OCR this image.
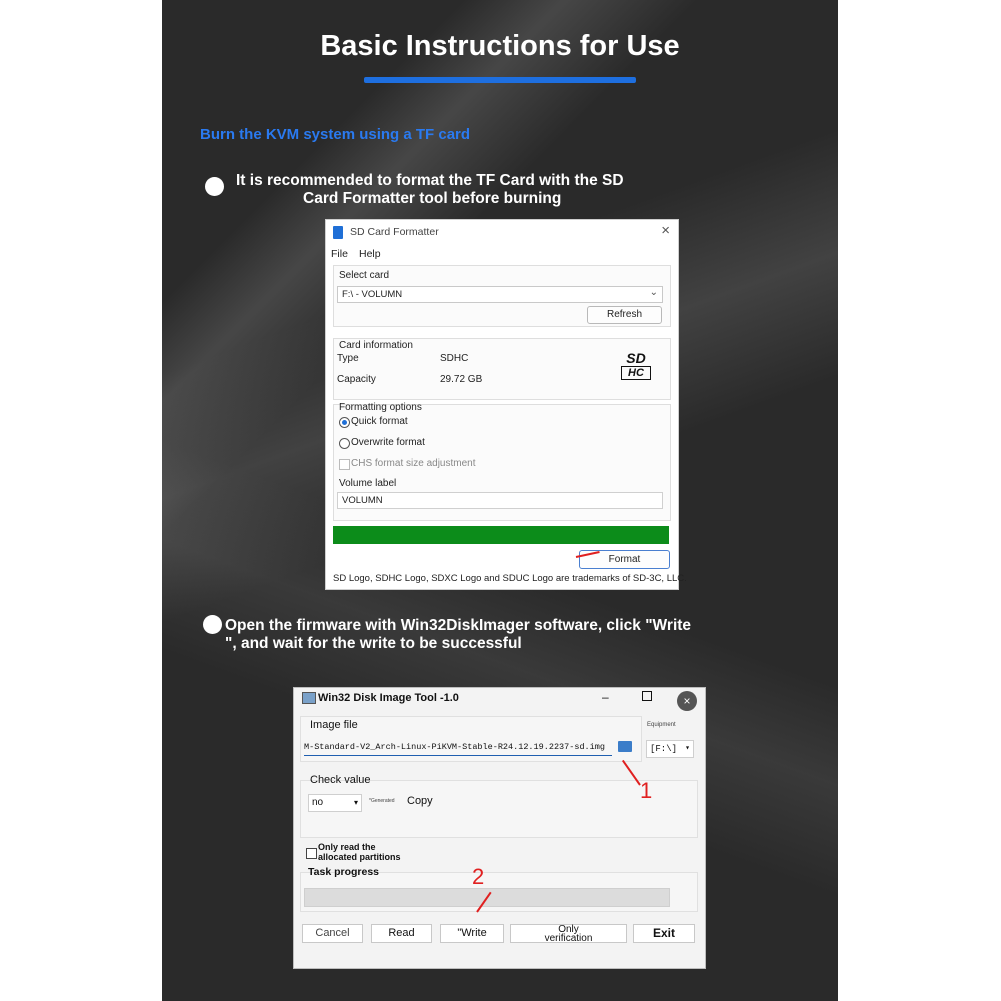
Basic Instructions for Use
Burn the KVM system using a TF card
It is recommended to format the TF Card with the SD
Card Formatter tool before burning
SD Card Formatter	×
File Help
Select card
F:\ - VOLUMN	⌄
Refresh
Card information
Type	SDHC
Capacity	29.72 GB
SD
HC
Formatting options
Quick format
Overwrite format
CHS format size adjustment
Volume label
VOLUMN
Format
SD Logo, SDHC Logo, SDXC Logo and SDUC Logo are trademarks of SD-3C, LLC.
Open the firmware with Win32DiskImager software, click "Write
", and wait for the write to be successful
Win32 Disk Image Tool -1.0	–	×
Image file
M-Standard-V2_Arch-Linux-PiKVM-Stable-R24.12.19.2237-sd.img
Equipment
[F:\] ▾
Check value
no	▾ *Generated Copy
Only read the
allocated partitions
Task progress
Cancel	Read	"Write	Only
verification	Exit
1
2
